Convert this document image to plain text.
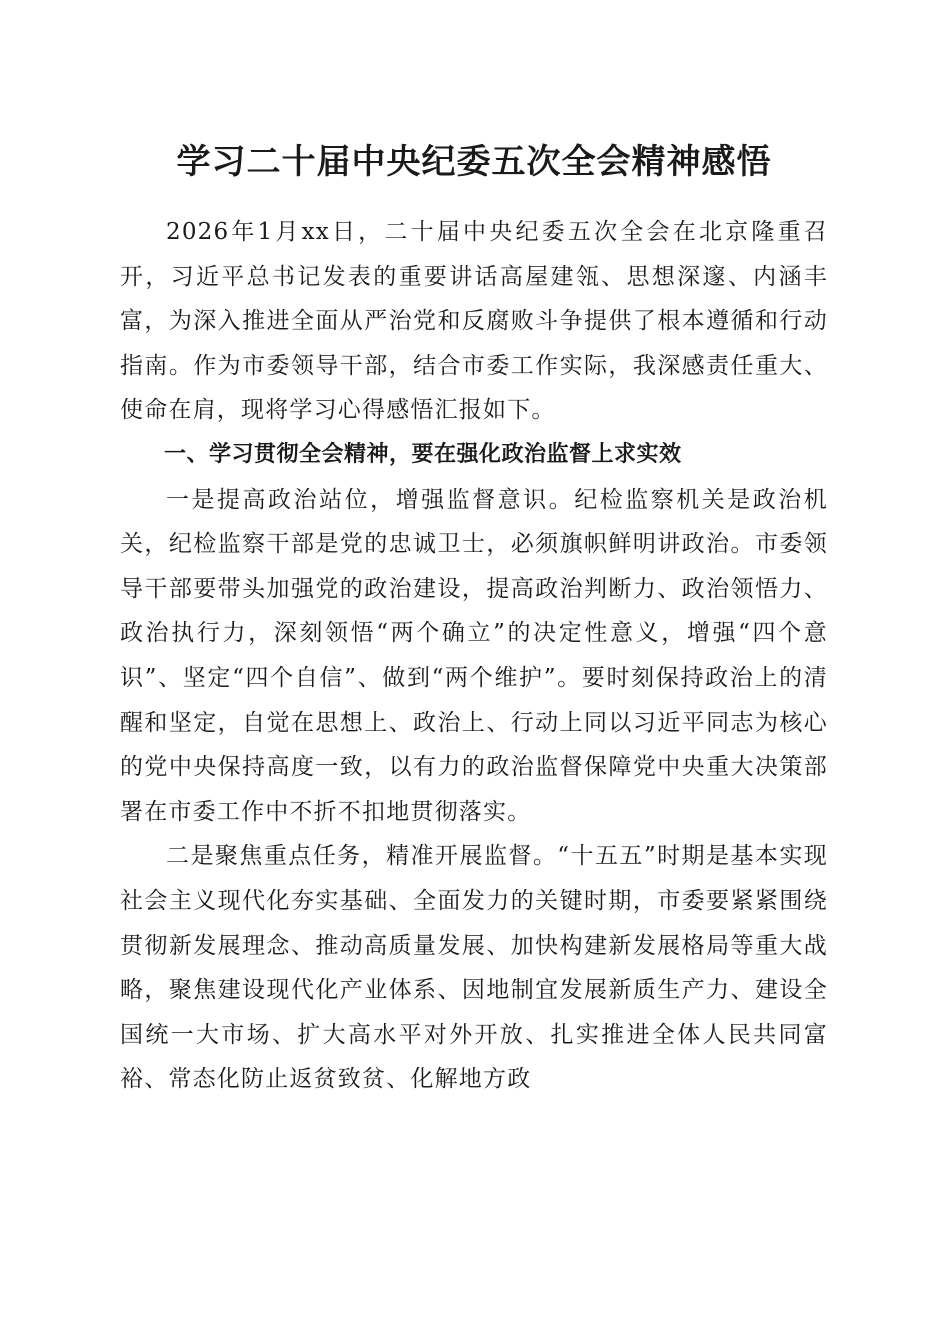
学习二十届中央纪委五次全会精神感悟

2026年1月xx日，二十届中央纪委五次全会在北京隆重召开，习近平总书记发表的重要讲话高屋建瓴、思想深邃、内涵丰富，为深入推进全面从严治党和反腐败斗争提供了根本遵循和行动指南。作为市委领导干部，结合市委工作实际，我深感责任重大、使命在肩，现将学习心得感悟汇报如下。

一、学习贯彻全会精神，要在强化政治监督上求实效

一是提高政治站位，增强监督意识。纪检监察机关是政治机关，纪检监察干部是党的忠诚卫士，必须旗帜鲜明讲政治。市委领导干部要带头加强党的政治建设，提高政治判断力、政治领悟力、政治执行力，深刻领悟“两个确立”的决定性意义，增强“四个意识”、坚定“四个自信”、做到“两个维护”。要时刻保持政治上的清醒和坚定，自觉在思想上、政治上、行动上同以习近平同志为核心的党中央保持高度一致，以有力的政治监督保障党中央重大决策部署在市委工作中不折不扣地贯彻落实。

二是聚焦重点任务，精准开展监督。“十五五”时期是基本实现社会主义现代化夯实基础、全面发力的关键时期，市委要紧紧围绕贯彻新发展理念、推动高质量发展、加快构建新发展格局等重大战略，聚焦建设现代化产业体系、因地制宜发展新质生产力、建设全国统一大市场、扩大高水平对外开放、扎实推进全体人民共同富裕、常态化防止返贫致贫、化解地方政
